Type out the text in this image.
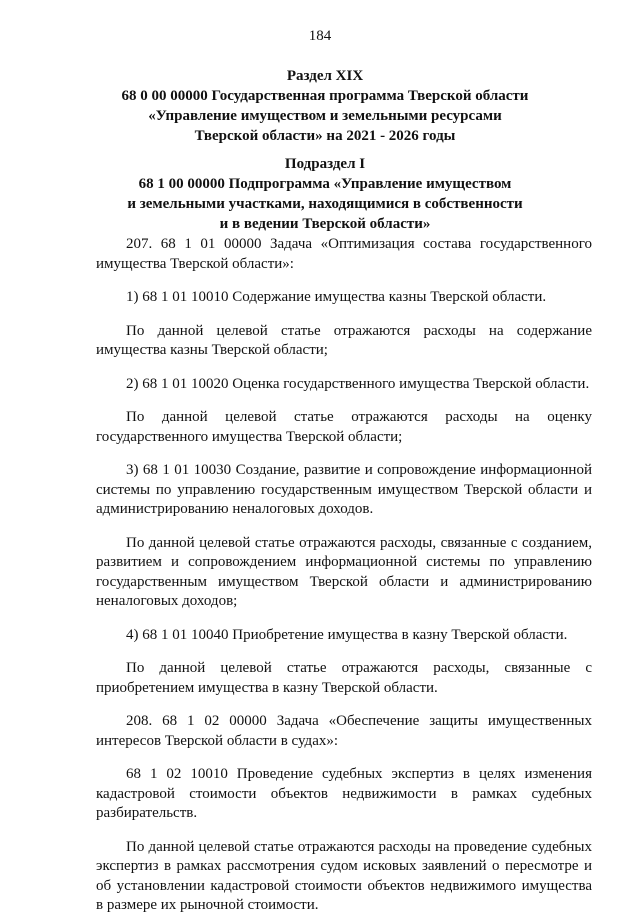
184
Раздел XIX
68 0 00 00000 Государственная программа Тверской области
«Управление имуществом и земельными ресурсами
Тверской области» на 2021 - 2026 годы
Подраздел I
68 1 00 00000 Подпрограмма «Управление имуществом
и земельными участками, находящимися в собственности
и в ведении Тверской области»

207. 68 1 01 00000 Задача «Оптимизация состава государственного имущества Тверской области»:

1) 68 1 01 10010 Содержание имущества казны Тверской области.

По данной целевой статье отражаются расходы на содержание имущества казны Тверской области;

2) 68 1 01 10020 Оценка государственного имущества Тверской области.

По данной целевой статье отражаются расходы на оценку
государственного имущества Тверской области;

3) 68 1 01 10030 Создание, развитие и сопровождение информационной системы по управлению государственным имуществом Тверской области и администрированию неналоговых доходов.

По данной целевой статье отражаются расходы, связанные с созданием, развитием и сопровождением информационной системы по управлению государственным имуществом Тверской области и администрированию неналоговых доходов;

4) 68 1 01 10040 Приобретение имущества в казну Тверской области.

По данной целевой статье отражаются расходы, связанные с
приобретением имущества в казну Тверской области.

208. 68 1 02 00000 Задача «Обеспечение защиты имущественных интересов Тверской области в судах»:

68 1 02 10010 Проведение судебных экспертиз в целях изменения кадастровой стоимости объектов недвижимости в рамках судебных разбирательств.

По данной целевой статье отражаются расходы на проведение судебных экспертиз в рамках рассмотрения судом исковых заявлений о пересмотре и об установлении кадастровой стоимости объектов недвижимого имущества в размере их рыночной стоимости.
